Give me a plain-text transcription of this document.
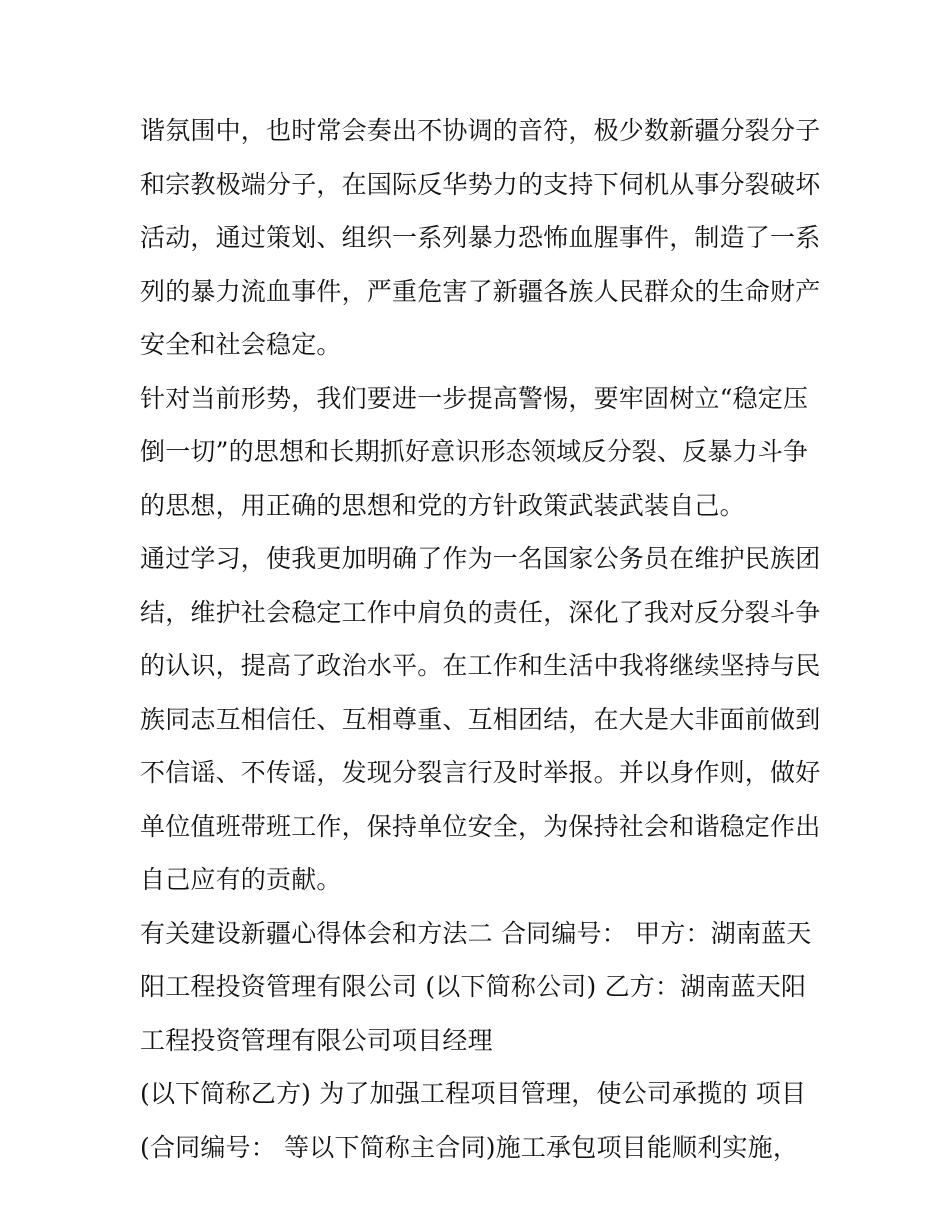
谐氛围中，也时常会奏出不协调的音符，极少数新疆分裂分子
和宗教极端分子，在国际反华势力的支持下伺机从事分裂破坏
活动，通过策划、组织一系列暴力恐怖血腥事件，制造了一系
列的暴力流血事件，严重危害了新疆各族人民群众的生命财产
安全和社会稳定。
针对当前形势，我们要进一步提高警惕，要牢固树立“稳定压
倒一切”的思想和长期抓好意识形态领域反分裂、反暴力斗争
的思想，用正确的思想和党的方针政策武装武装自己。
通过学习，使我更加明确了作为一名国家公务员在维护民族团
结，维护社会稳定工作中肩负的责任，深化了我对反分裂斗争
的认识，提高了政治水平。在工作和生活中我将继续坚持与民
族同志互相信任、互相尊重、互相团结，在大是大非面前做到
不信谣、不传谣，发现分裂言行及时举报。并以身作则，做好
单位值班带班工作，保持单位安全，为保持社会和谐稳定作出
自己应有的贡献。
有关建设新疆心得体会和方法二 合同编号： 甲方：湖南蓝天
阳工程投资管理有限公司 (以下简称公司) 乙方：湖南蓝天阳
工程投资管理有限公司项目经理
(以下简称乙方) 为了加强工程项目管理，使公司承揽的 项目
(合同编号： 等以下简称主合同)施工承包项目能顺利实施，
